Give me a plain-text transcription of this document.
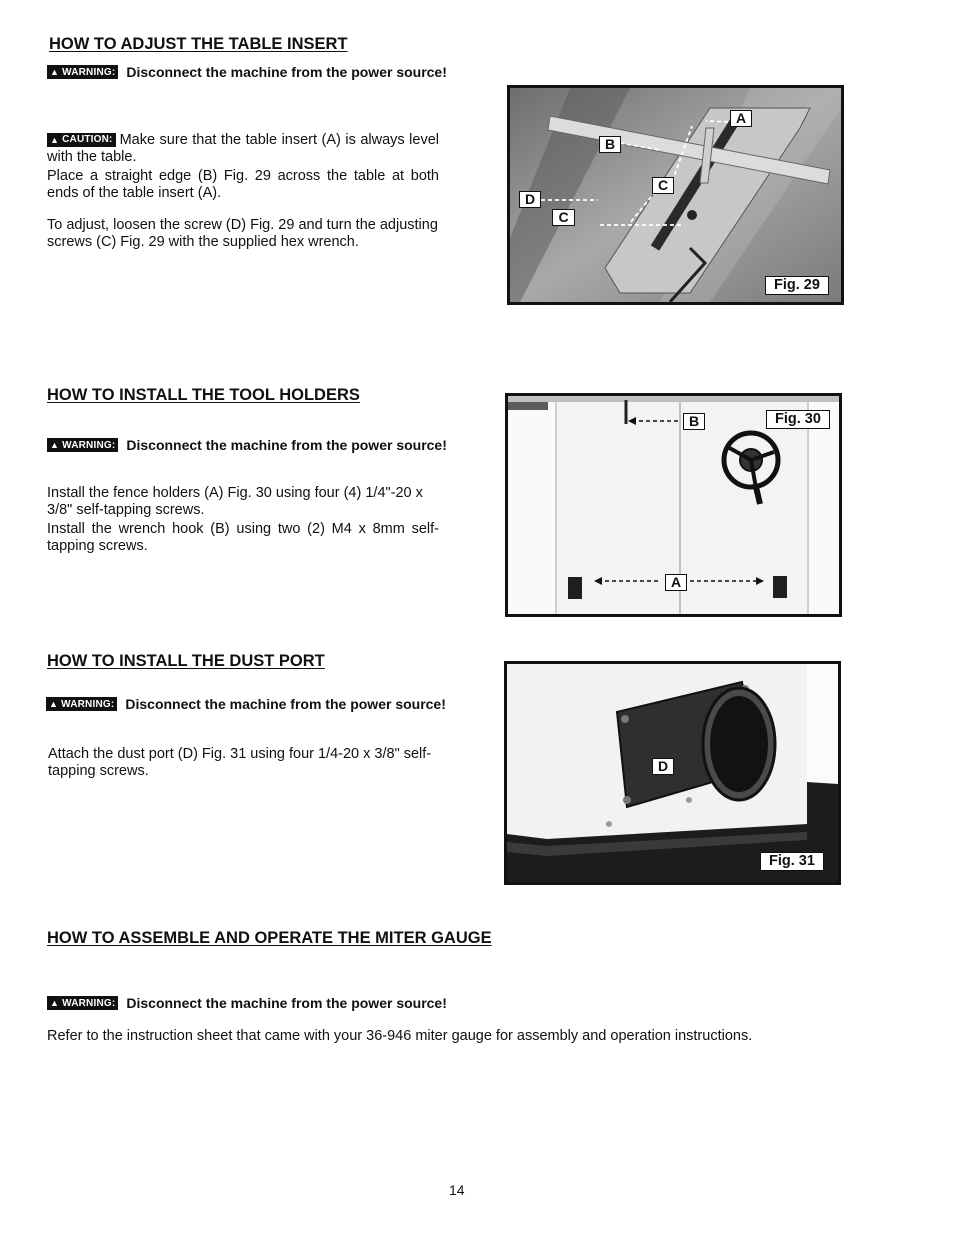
HOW TO ADJUST THE TABLE INSERT
▲ WARNING: Disconnect the machine from the power source!

▲ CAUTION: Make sure that the table insert (A) is always level with the table.

Place a straight edge (B) Fig. 29 across the table at both ends of the table insert (A).

To adjust, loosen the screw (D) Fig. 29 and turn the adjusting screws (C) Fig. 29 with the supplied hex wrench.

A
B
C
D
C
Fig. 29
HOW TO INSTALL THE TOOL HOLDERS
▲ WARNING: Disconnect the machine from the power source!

Install the fence holders (A) Fig. 30 using four (4) 1/4"-20 x 3/8" self-tapping screws.

Install the wrench hook (B) using two (2) M4 x 8mm self-tapping screws.

B	Fig. 30
A
HOW TO INSTALL THE DUST PORT
▲ WARNING: Disconnect the machine from the power source!

Attach the dust port (D) Fig. 31 using four 1/4-20 x 3/8" self-tapping screws.	D
Fig. 31
HOW TO ASSEMBLE AND OPERATE THE MITER GAUGE
▲ WARNING: Disconnect the machine from the power source!

Refer to the instruction sheet that came with your 36-946 miter gauge for assembly and operation instructions.

14
